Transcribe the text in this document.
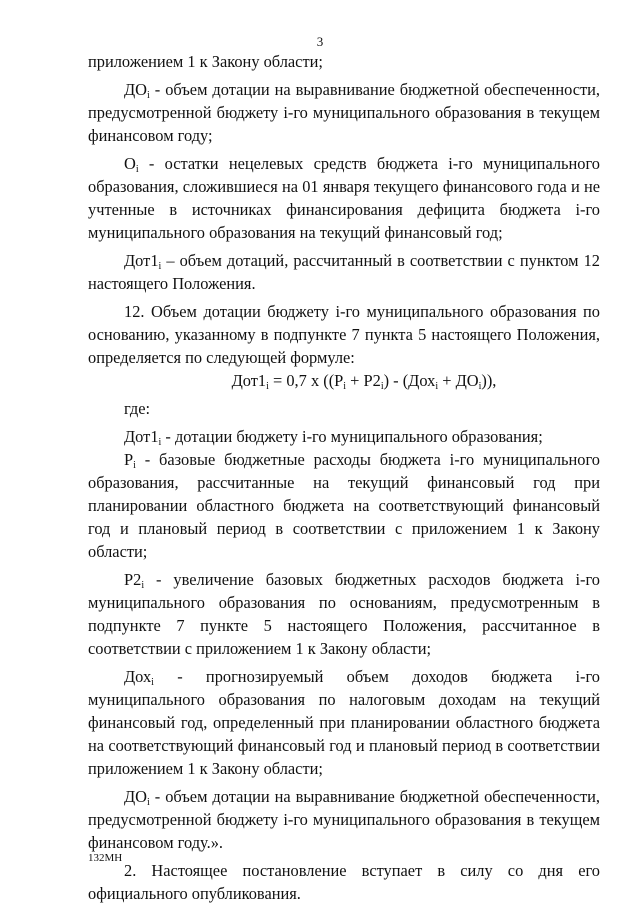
3

приложением 1 к Закону области;

$ДО_i$ - объем дотации на выравнивание бюджетной обеспеченности, предусмотренной бюджету i-го муниципального образования в текущем финансовом году;

$О_i$ - остатки нецелевых средств бюджета i-го муниципального образования, сложившиеся на 01 января текущего финансового года и не учтенные в источниках финансирования дефицита бюджета i-го муниципального образования на текущий финансовый год;

$Дот1_i$ – объем дотаций, рассчитанный в соответствии с пунктом 12 настоящего Положения.

12. Объем дотации бюджету i-го муниципального образования по основанию, указанному в подпункте 7 пункта 5 настоящего Положения, определяется по следующей формуле:

$Дот1_i = 0,7$ x $((P_i + P2_i) - (Дох_i + ДО_i))$,

где:

$Дот1_i$ - дотации бюджету i-го муниципального образования;

$P_i$ - базовые бюджетные расходы бюджета i-го муниципального образования, рассчитанные на текущий финансовый год при планировании областного бюджета на соответствующий финансовый год и плановый период в соответствии с приложением 1 к Закону области;

$P2_i$ - увеличение базовых бюджетных расходов бюджета i-го муниципального образования по основаниям, предусмотренным в подпункте 7 пункте 5 настоящего Положения, рассчитанное в соответствии с приложением 1 к Закону области;

Дох$_i$ - прогнозируемый объем доходов бюджета i-го муниципального образования по налоговым доходам на текущий финансовый год, определенный при планировании областного бюджета на соответствующий финансовый год и плановый период в соответствии приложением 1 к Закону области;

$ДО_i$ - объем дотации на выравнивание бюджетной обеспеченности, предусмотренной бюджету i-го муниципального образования в текущем финансовом году.».

2. Настоящее постановление вступает в силу со дня его официального опубликования.

132МН
